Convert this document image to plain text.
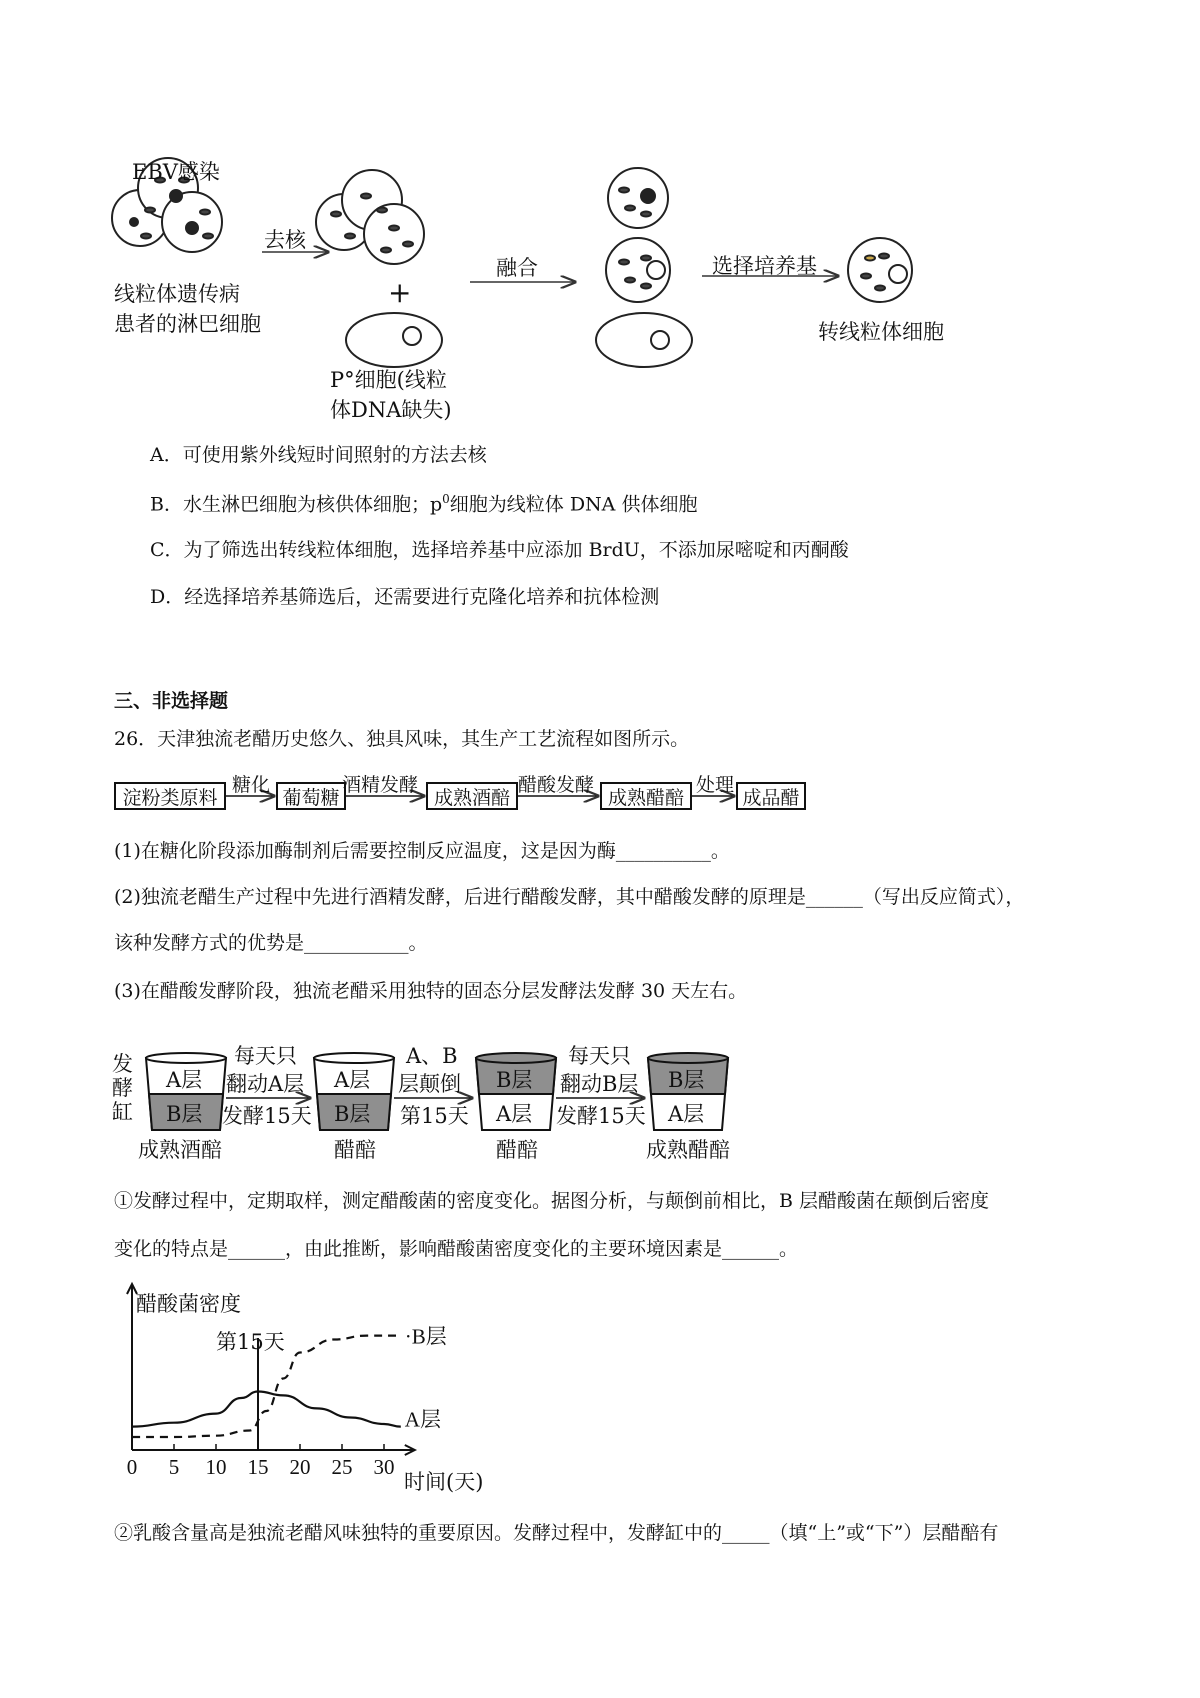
EBV感染
线粒体遗传病
患者的淋巴细胞
去核
+
P°细胞(线粒
体DNA缺失)
融合	选择培养基
转线粒体细胞
A．可使用紫外线短时间照射的方法去核
B．水生淋巴细胞为核供体细胞；$p^0$细胞为线粒体 DNA 供体细胞
C．为了筛选出转线粒体细胞，选择培养基中应添加 BrdU，不添加尿嘧啶和丙酮酸
D．经选择培养基筛选后，还需要进行克隆化培养和抗体检测
三、非选择题
26．天津独流老醋历史悠久、独具风味，其生产工艺流程如图所示。
淀粉类原料	葡萄糖	成熟酒醅	成熟醋醅	成品醋
糖化	酒精发酵	醋酸发酵	处理
(1)在糖化阶段添加酶制剂后需要控制反应温度，这是因为酶__________。
(2)独流老醋生产过程中先进行酒精发酵，后进行醋酸发酵，其中醋酸发酵的原理是______（写出反应简式），
该种发酵方式的优势是___________。
(3)在醋酸发酵阶段，独流老醋采用独特的固态分层发酵法发酵 30 天左右。
发
酵
缸
A层
B层
A层
B层
B层
A层
B层
A层
成熟酒醅	醋醅	醋醅	成熟醋醅
每天只
翻动A层
发酵15天
A、B
层颠倒
第15天
每天只
翻动B层
发酵15天
①发酵过程中，定期取样，测定醋酸菌的密度变化。据图分析，与颠倒前相比，B 层醋酸菌在颠倒后密度
变化的特点是______，由此推断，影响醋酸菌密度变化的主要环境因素是______。
0 5 10 15 20 25 30
A层
·B层
醋酸菌密度
第15天
时间(天)
②乳酸含量高是独流老醋风味独特的重要原因。发酵过程中，发酵缸中的_____（填“上”或“下”）层醋醅有
